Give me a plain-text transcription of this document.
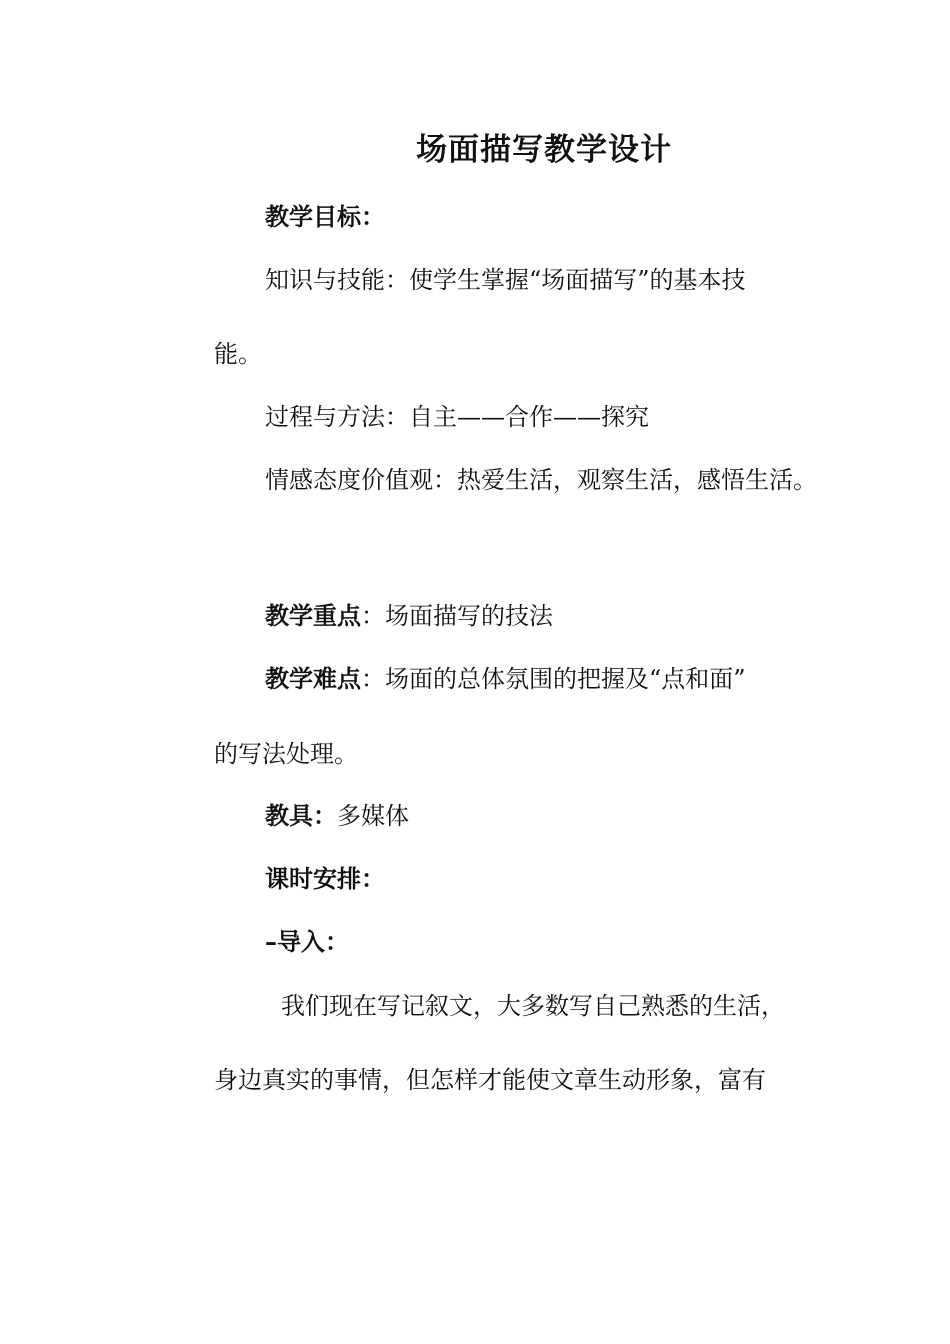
场面描写教学设计
教学目标：
知识与技能：使学生掌握“场面描写”的基本技
能。
过程与方法：自主——合作——探究
情感态度价值观：热爱生活，观察生活，感悟生活。
教学重点：场面描写的技法
教学难点：场面的总体氛围的把握及“点和面”
的写法处理。
教具：多媒体
课时安排：
–导入：
我们现在写记叙文，大多数写自己熟悉的生活，
身边真实的事情，但怎样才能使文章生动形象，富有
